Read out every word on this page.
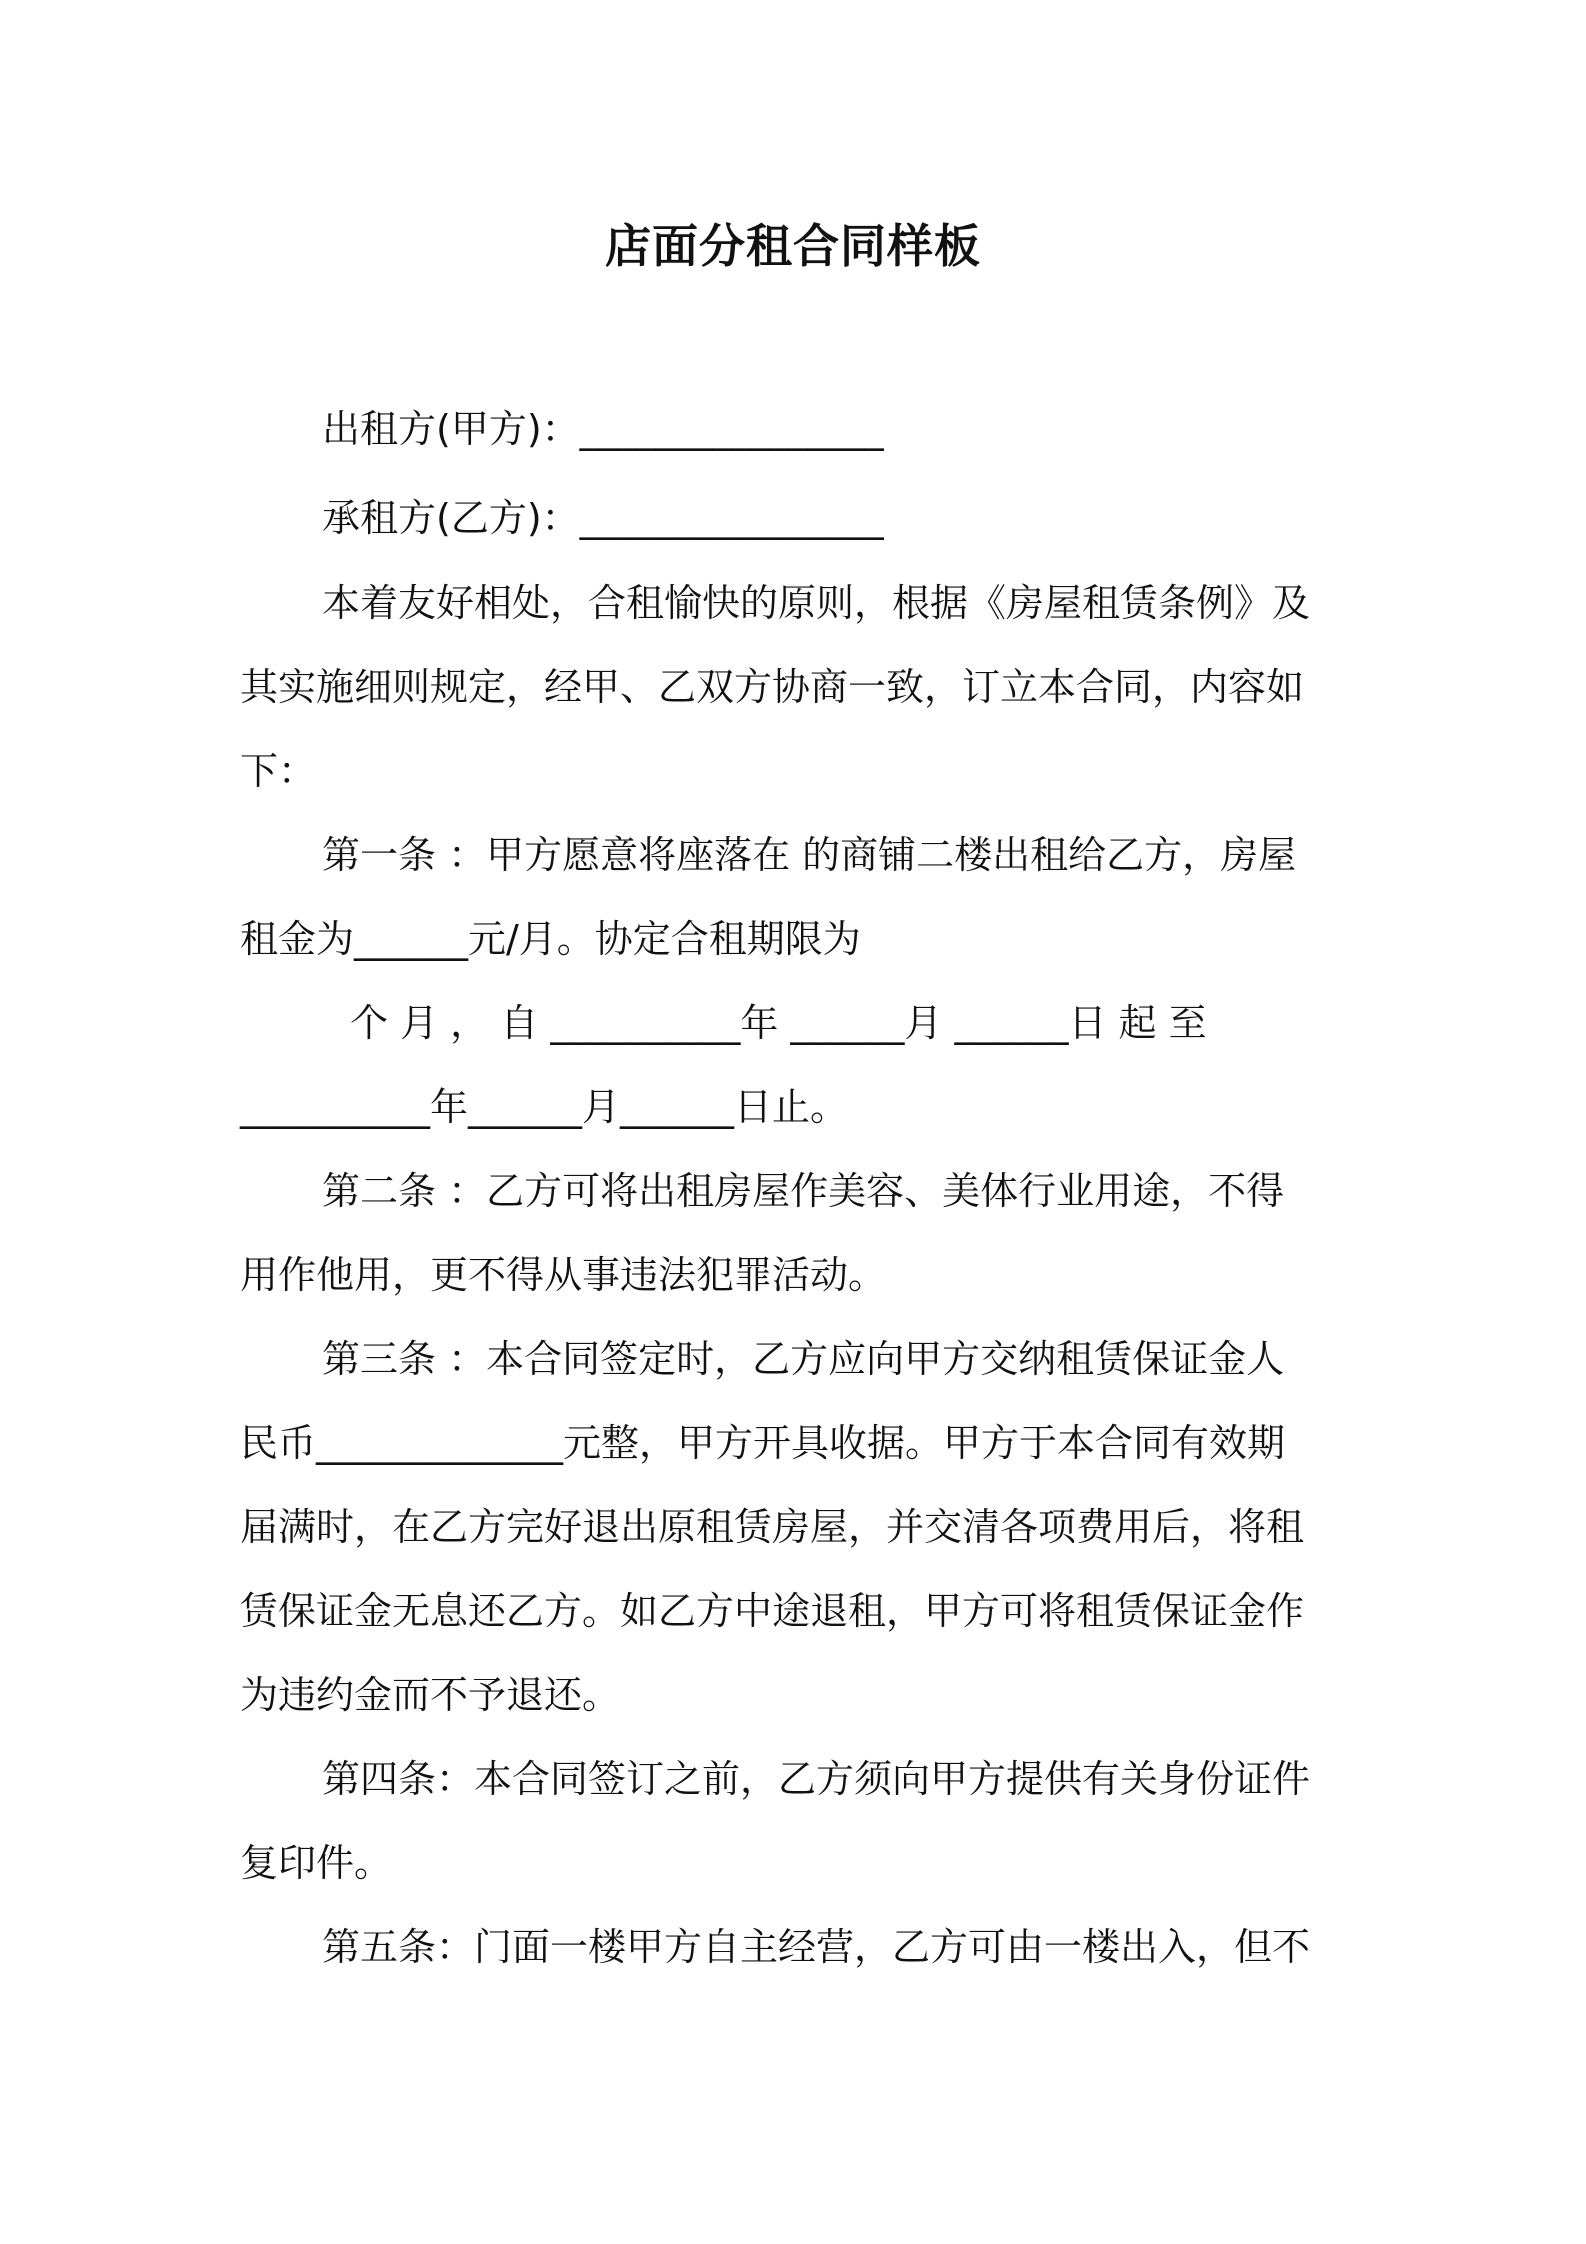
店面分租合同样板
出租方(甲方)：________________
承租方(乙方)：________________
本着友好相处，合租愉快的原则，根据《房屋租赁条例》及
其实施细则规定，经甲、乙双方协商一致，订立本合同，内容如
下：
第一条 ：甲方愿意将座落在 的商铺二楼出租给乙方，房屋
租金为______元/月。协定合租期限为
个 月 ， 自 __________年 ______月 ______日 起 至
__________年______月______日止。
第二条 ：乙方可将出租房屋作美容、美体行业用途，不得
用作他用，更不得从事违法犯罪活动。
第三条 ：本合同签定时，乙方应向甲方交纳租赁保证金人
民币_____________元整，甲方开具收据。甲方于本合同有效期
届满时，在乙方完好退出原租赁房屋，并交清各项费用后，将租
赁保证金无息还乙方。如乙方中途退租，甲方可将租赁保证金作
为违约金而不予退还。
第四条：本合同签订之前，乙方须向甲方提供有关身份证件
复印件。
第五条：门面一楼甲方自主经营，乙方可由一楼出入，但不
